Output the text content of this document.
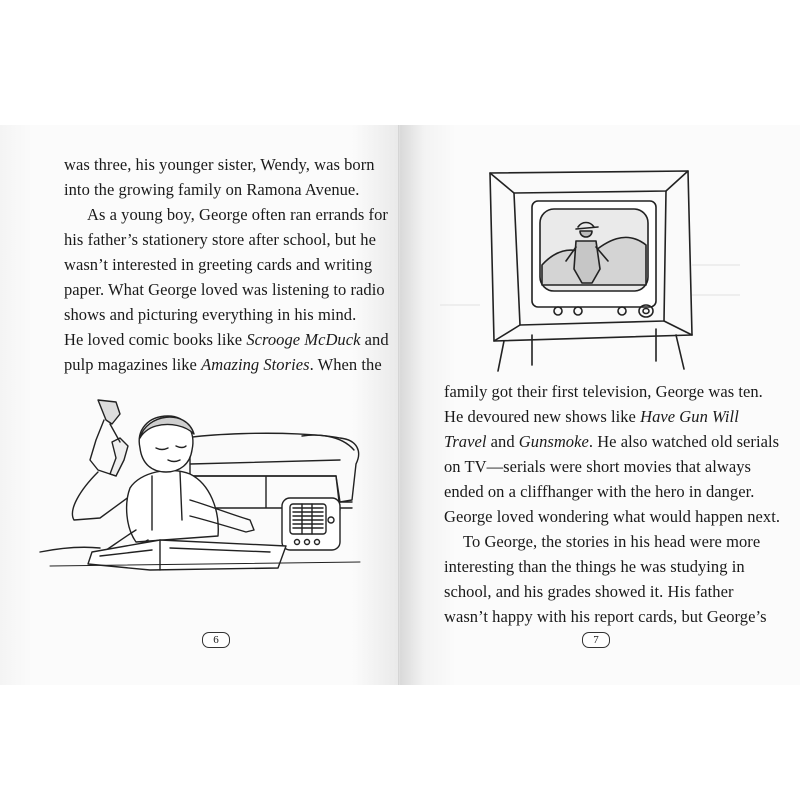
was three, his younger sister, Wendy, was born
into the growing family on Ramona Avenue.
As a young boy, George often ran errands for
his father’s stationery store after school, but he
wasn’t interested in greeting cards and writing
paper. What George loved was listening to radio
shows and picturing everything in his mind.
He loved comic books like Scrooge McDuck and
pulp magazines like Amazing Stories. When the
6
family got their first television, George was ten.
He devoured new shows like Have Gun Will
Travel and Gunsmoke. He also watched old serials
on TV—serials were short movies that always
ended on a cliffhanger with the hero in danger.
George loved wondering what would happen next.
To George, the stories in his head were more
interesting than the things he was studying in
school, and his grades showed it. His father
wasn’t happy with his report cards, but George’s
7
